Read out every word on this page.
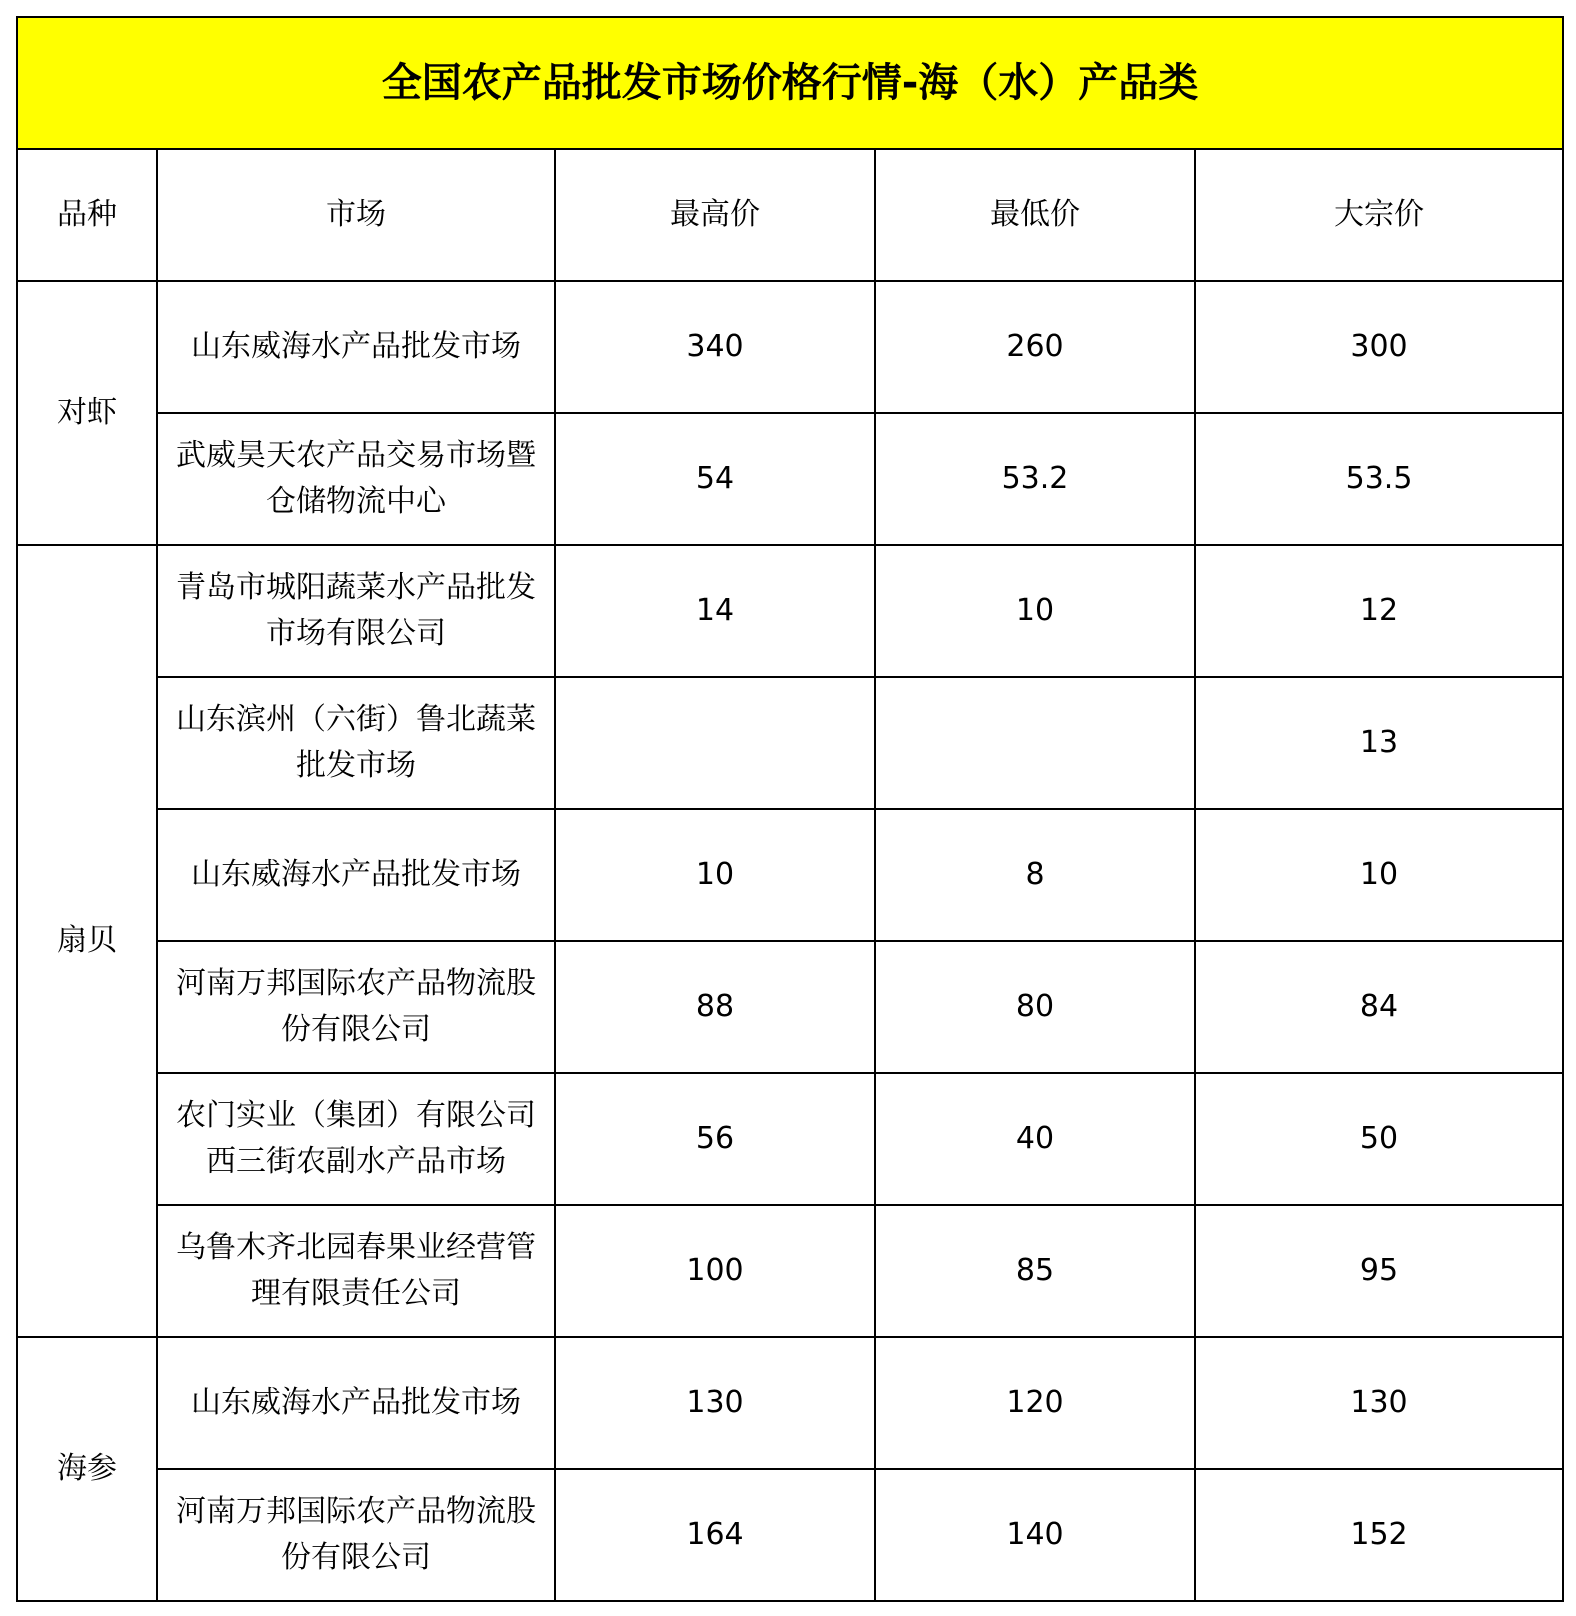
全国农产品批发市场价格行情-海（水）产品类				
品种	市场	最高价	最低价	大宗价
对虾	山东威海水产品批发市场	340	260	300
	武威昊天农产品交易市场暨仓储物流中心	54	53.2	53.5
扇贝	青岛市城阳蔬菜水产品批发市场有限公司	14	10	12
	山东滨州（六街）鲁北蔬菜批发市场			13
	山东威海水产品批发市场	10	8	10
	河南万邦国际农产品物流股份有限公司	88	80	84
	农门实业（集团）有限公司西三街农副水产品市场	56	40	50
	乌鲁木齐北园春果业经营管理有限责任公司	100	85	95
海参	山东威海水产品批发市场	130	120	130
	河南万邦国际农产品物流股份有限公司	164	140	152
